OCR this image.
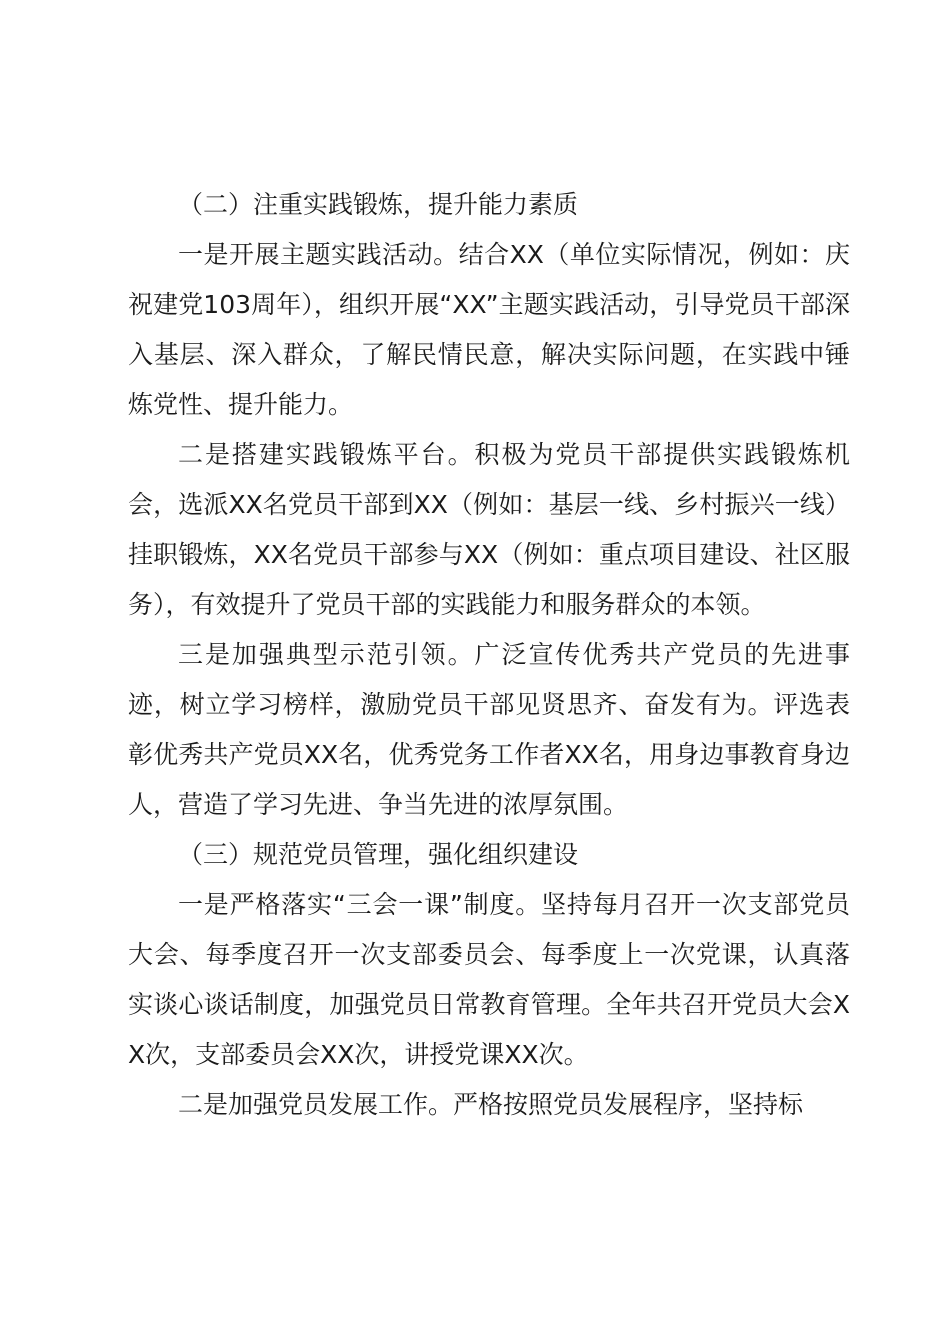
（二）注重实践锻炼，提升能力素质

一是开展主题实践活动。结合XX（单位实际情况，例如：庆祝建党103周年），组织开展“XX”主题实践活动，引导党员干部深入基层、深入群众，了解民情民意，解决实际问题，在实践中锤炼党性、提升能力。

二是搭建实践锻炼平台。积极为党员干部提供实践锻炼机会，选派XX名党员干部到XX（例如：基层一线、乡村振兴一线）挂职锻炼，XX名党员干部参与XX（例如：重点项目建设、社区服务），有效提升了党员干部的实践能力和服务群众的本领。

三是加强典型示范引领。广泛宣传优秀共产党员的先进事迹，树立学习榜样，激励党员干部见贤思齐、奋发有为。评选表彰优秀共产党员XX名，优秀党务工作者XX名，用身边事教育身边人，营造了学习先进、争当先进的浓厚氛围。

（三）规范党员管理，强化组织建设

一是严格落实“三会一课”制度。坚持每月召开一次支部党员大会、每季度召开一次支部委员会、每季度上一次党课，认真落实谈心谈话制度，加强党员日常教育管理。全年共召开党员大会XX次，支部委员会XX次，讲授党课XX次。

二是加强党员发展工作。严格按照党员发展程序，坚持标
